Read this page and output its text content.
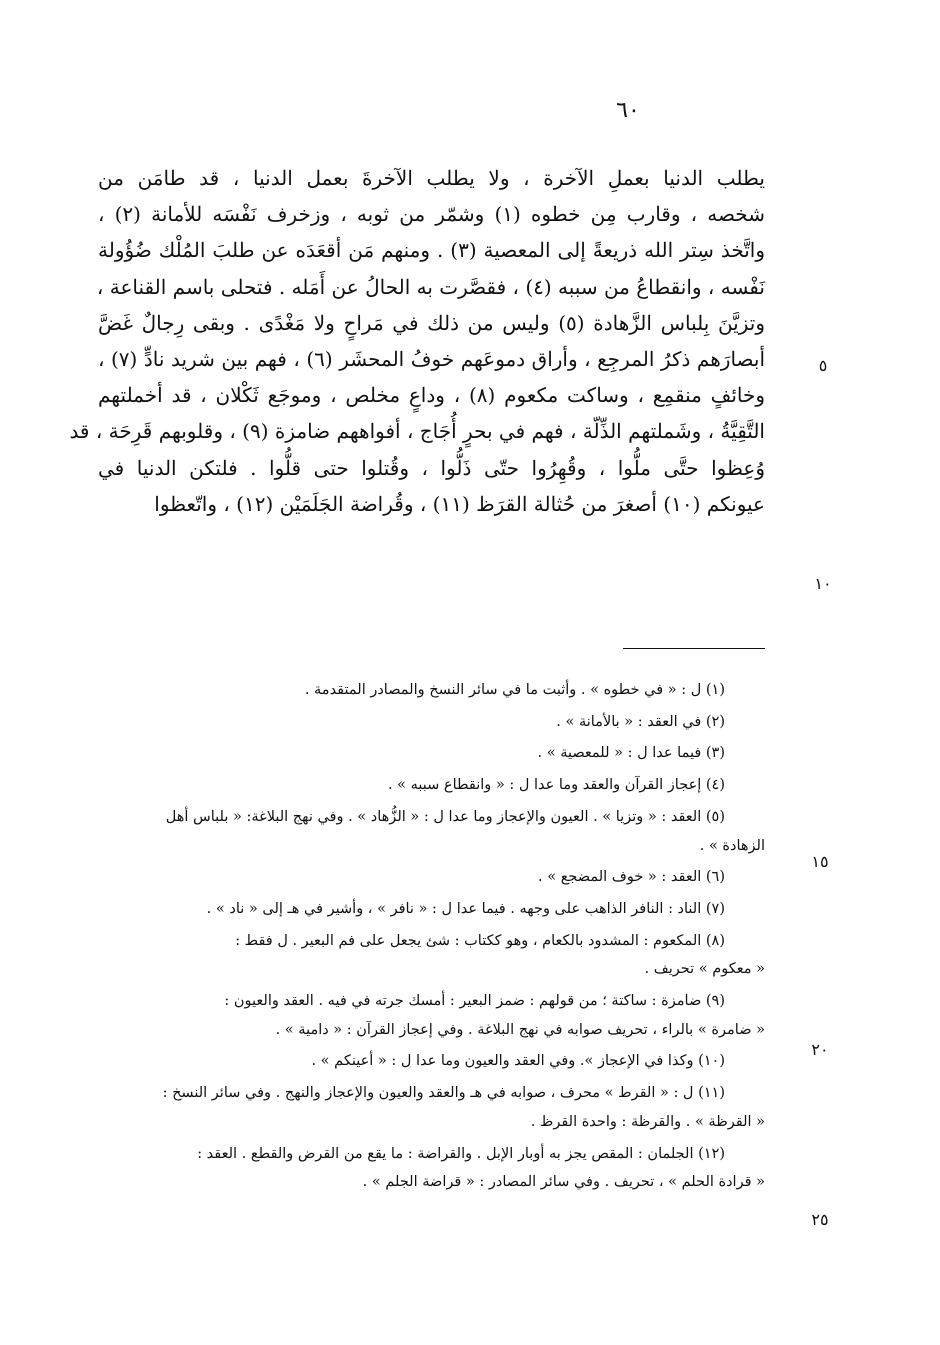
٦٠
يطلب الدنيا بعملِ الآخرة ، ولا يطلب الآخرةَ بعمل الدنيا ، قد طامَن من
شخصه ، وقارب مِن خطوه (١) وشمّر من ثوبه ، وزخرف نَفْسَه للأمانة (٢) ،
واتَّخذ سِتر الله ذريعةً إلى المعصية (٣) . ومنهم مَن أقعَدَه عن طلبَ المُلْك ضُؤُولة
نَفْسه ، وانقطاعُ من سببه (٤) ، فقصَّرت به الحالُ عن أَمَله . فتحلى باسم القناعة ،
وتزيَّنَ بِلباس الزَّهادة (٥) وليس من ذلك في مَراحٍ ولا مَغْدًى . وبقى رِجالٌ غَضَّ
أبصارَهم ذكرُ المرجِع ، وأراق دموعَهم خوفُ المحشَر (٦) ، فهم بين شريد نادٍّ (٧) ،
وخائفٍ منقمِع ، وساكت مكعوم (٨) ، وداعٍ مخلص ، وموجَع ثَكْلان ، قد أخملتهم
التَّقِيَّةُ ، وشَملتهم الذِّلّة ، فهم في بحرٍ أُجَاج ، أفواههم ضامزة (٩) ، وقلوبهم قَرِحَة ، قد
وُعِظوا حتَّى ملُّوا ، وقُهِرُوا حتّى ذَلُّوا ، وقُتلوا حتى قلُّوا . فلتكن الدنيا في
عيونكم (١٠) أصغرَ من حُثالة القرَظ (١١) ، وقُراضة الجَلَمَيْن (١٢) ، واتّعظوا
٥
١٠
(١) ل : « في خطوه » . وأثبت ما في سائر النسخ والمصادر المتقدمة .
(٢) في العقد : « بالأمانة » .
(٣) فيما عدا ل : « للمعصية » .
(٤) إعجاز القرآن والعقد وما عدا ل : « وانقطاع سببه » .
(٥) العقد : « وتزيا » . العيون والإعجاز وما عدا ل : « الزُّهاد » . وفي نهج البلاغة: « بلباس أهل
الزهادة » .
(٦) العقد : « خوف المضجع » .
(٧) الناد : النافر الذاهب على وجهه . فيما عدا ل : « نافر » ، وأشير في هـ إلى « ناد » .
(٨) المكعوم : المشدود بالكعام ، وهو ككتاب : شئ يجعل على فم البعير . ل فقط :
« معكوم » تحريف .
(٩) ضامزة : ساكتة ؛ من قولهم : ضمز البعير : أمسك جرته في فيه . العقد والعيون :
« ضامرة » بالراء ، تحريف صوابه في نهج البلاغة . وفي إعجاز القرآن : « دامية » .
(١٠) وكذا في الإعجاز ». وفي العقد والعيون وما عدا ل : « أعينكم » .
(١١) ل : « القرط » محرف ، صوابه في هـ والعقد والعيون والإعجاز والنهج . وفي سائر النسخ :
« القرظة » . والقرظة : واحدة القرظ .
(١٢) الجلمان : المقص يجز به أوبار الإبل . والقراضة : ما يقع من القرض والقطع . العقد :
« قرادة الحلم » ، تحريف . وفي سائر المصادر : « قراضة الجلم » .
١٥
٢٠
٢٥
